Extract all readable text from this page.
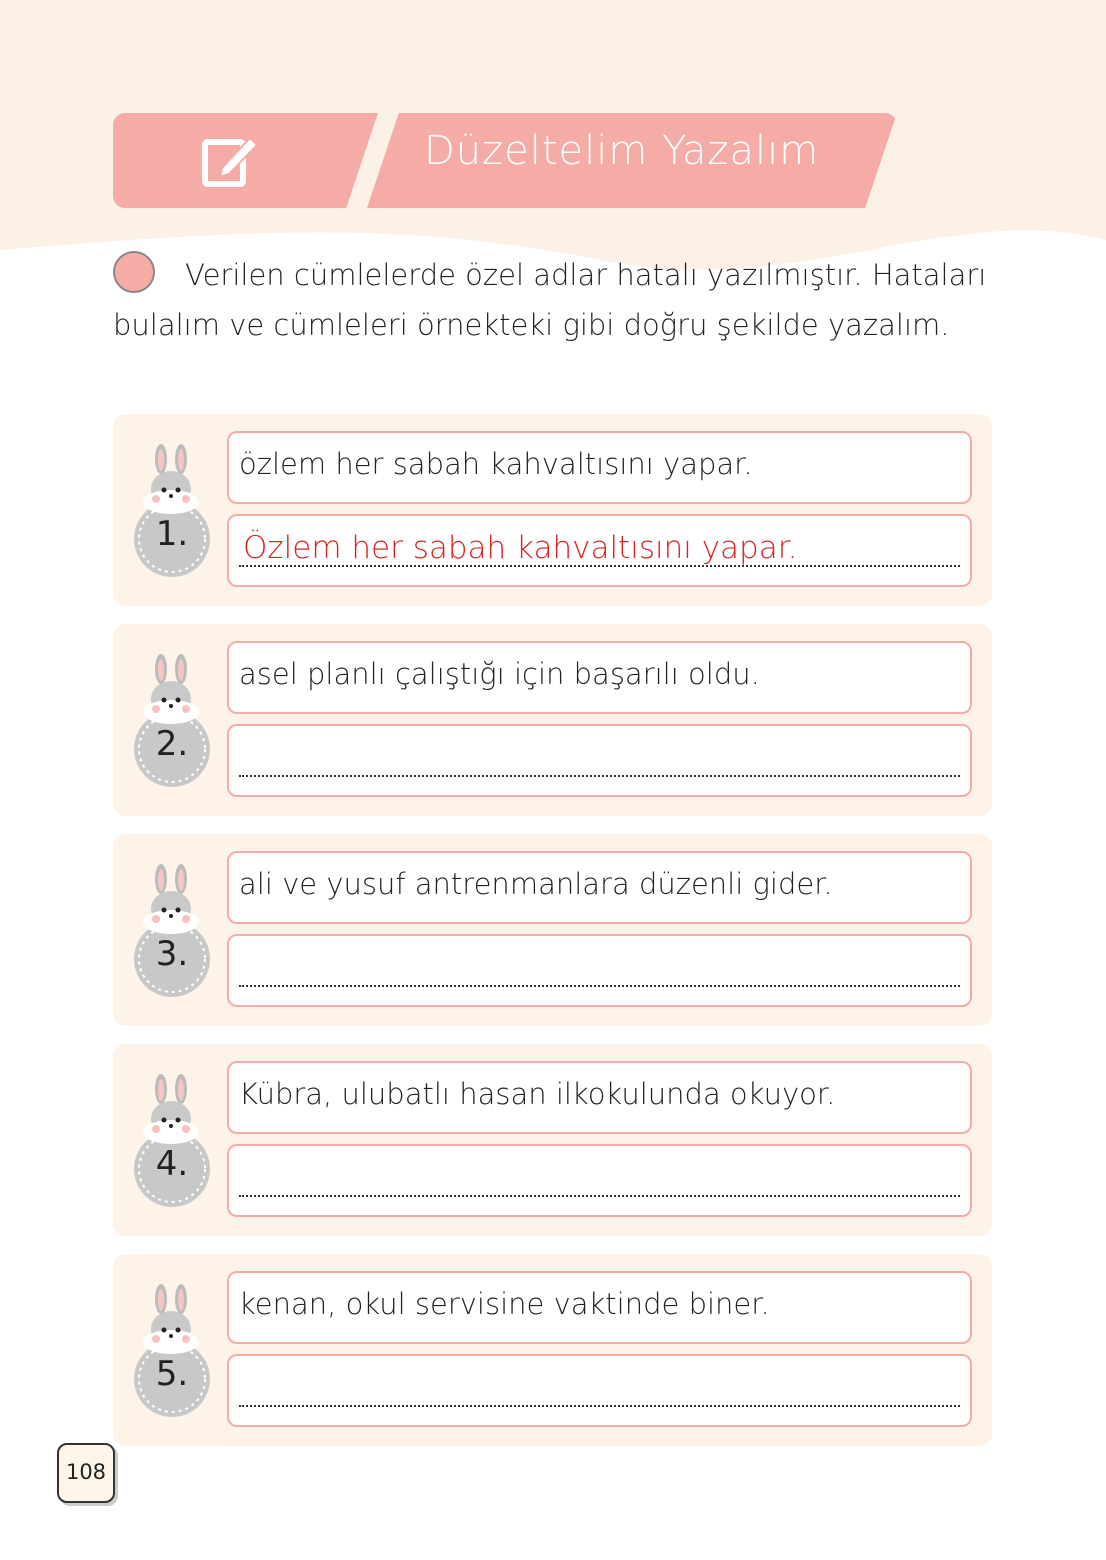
Düzeltelim Yazalım
Verilen cümlelerde özel adlar hatalı yazılmıştır. Hataları bulalım ve cümleleri örnekteki gibi doğru şekilde yazalım.
1.
özlem her sabah kahvaltısını yapar.
Özlem her sabah kahvaltısını yapar.
2.
asel planlı çalıştığı için başarılı oldu.
3.
ali ve yusuf antrenmanlara düzenli gider.
4.
Kübra, ulubatlı hasan ilkokulunda okuyor.
5.
kenan, okul servisine vaktinde biner.
108
